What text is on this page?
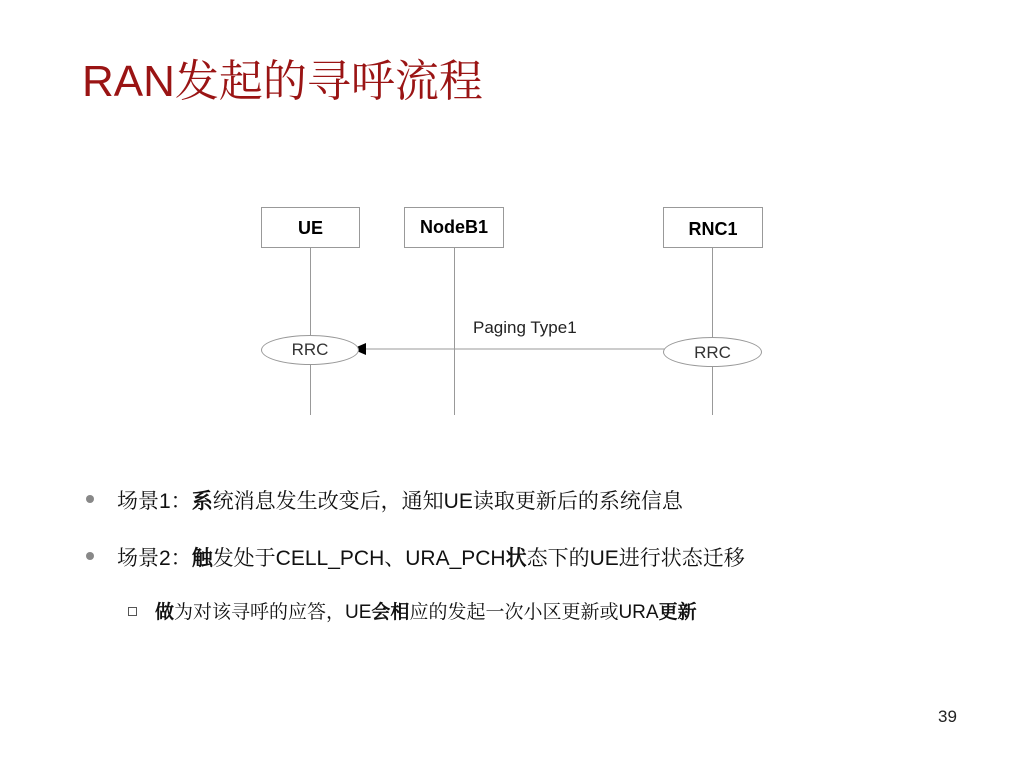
RAN发起的寻呼流程
UE	NodeB1	RNC1
Paging Type1
RRC	RRC
场景1：系统消息发生改变后，通知UE读取更新后的系统信息
场景2：触发处于CELL_PCH、URA_PCH状态下的UE进行状态迁移
做为对该寻呼的应答，UE会相应的发起一次小区更新或URA更新
39
